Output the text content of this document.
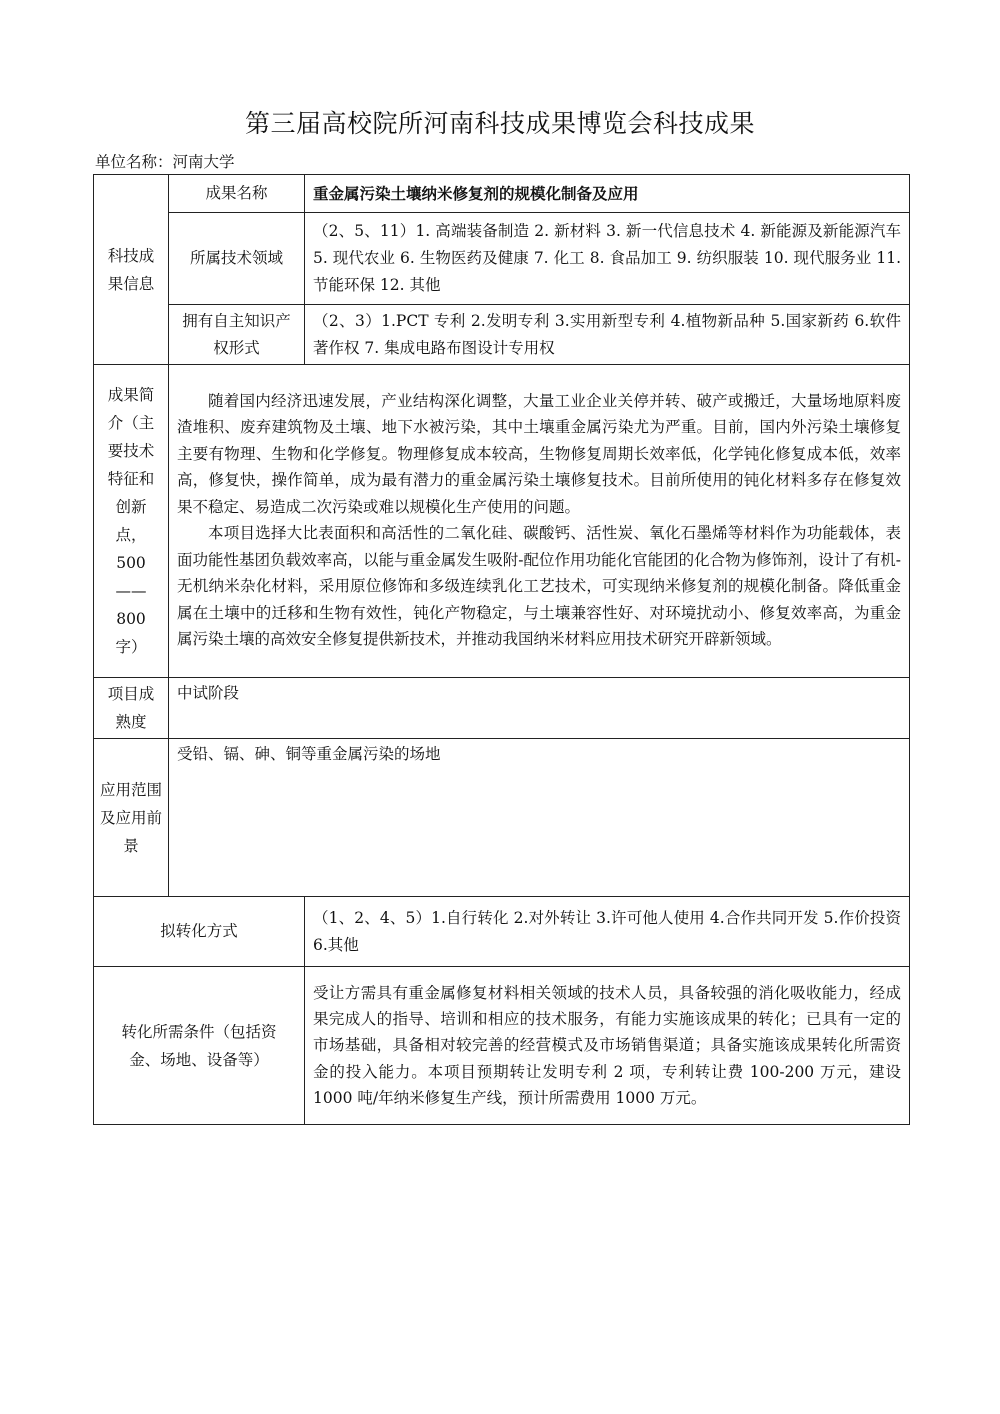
第三届高校院所河南科技成果博览会科技成果
单位名称：河南大学
科技成果信息	成果名称	重金属污染土壤纳米修复剂的规模化制备及应用
	所属技术领域	（2、5、11）1. 高端装备制造 2. 新材料 3. 新一代信息技术 4. 新能源及新能源汽车 5. 现代农业 6. 生物医药及健康 7. 化工 8. 食品加工 9. 纺织服装 10. 现代服务业 11. 节能环保 12. 其他

	拥有自主知识产权形式	（2、3）1.PCT 专利 2.发明专利 3.实用新型专利 4.植物新品种 5.国家新药 6.软件著作权 7. 集成电路布图设计专用权

成果简介（主要技术特征和创新点，500——800字）	随着国内经济迅速发展，产业结构深化调整，大量工业企业关停并转、破产或搬迁，大量场地原料废渣堆积、废弃建筑物及土壤、地下水被污染，其中土壤重金属污染尤为严重。目前，国内外污染土壤修复主要有物理、生物和化学修复。物理修复成本较高，生物修复周期长效率低，化学钝化修复成本低，效率高，修复快，操作简单，成为最有潜力的重金属污染土壤修复技术。目前所使用的钝化材料多存在修复效果不稳定、易造成二次污染或难以规模化生产使用的问题。

本项目选择大比表面积和高活性的二氧化硅、碳酸钙、活性炭、氧化石墨烯等材料作为功能载体，表面功能性基团负载效率高，以能与重金属发生吸附-配位作用功能化官能团的化合物为修饰剂，设计了有机-无机纳米杂化材料，采用原位修饰和多级连续乳化工艺技术，可实现纳米修复剂的规模化制备。降低重金属在土壤中的迁移和生物有效性，钝化产物稳定，与土壤兼容性好、对环境扰动小、修复效率高，为重金属污染土壤的高效安全修复提供新技术，并推动我国纳米材料应用技术研究开辟新领域。	

项目成熟度	中试阶段	

应用范围及应用前景	受铅、镉、砷、铜等重金属污染的场地	
拟转化方式		（1、2、4、5）1.自行转化 2.对外转让 3.许可他人使用 4.合作共同开发 5.作价投资 6.其他

转化所需条件（包括资金、场地、设备等）		受让方需具有重金属修复材料相关领域的技术人员，具备较强的消化吸收能力，经成果完成人的指导、培训和相应的技术服务，有能力实施该成果的转化；已具有一定的市场基础，具备相对较完善的经营模式及市场销售渠道；具备实施该成果转化所需资金的投入能力。本项目预期转让发明专利 2 项，专利转让费 100-200 万元，建设 1000 吨/年纳米修复生产线，预计所需费用 1000 万元。
